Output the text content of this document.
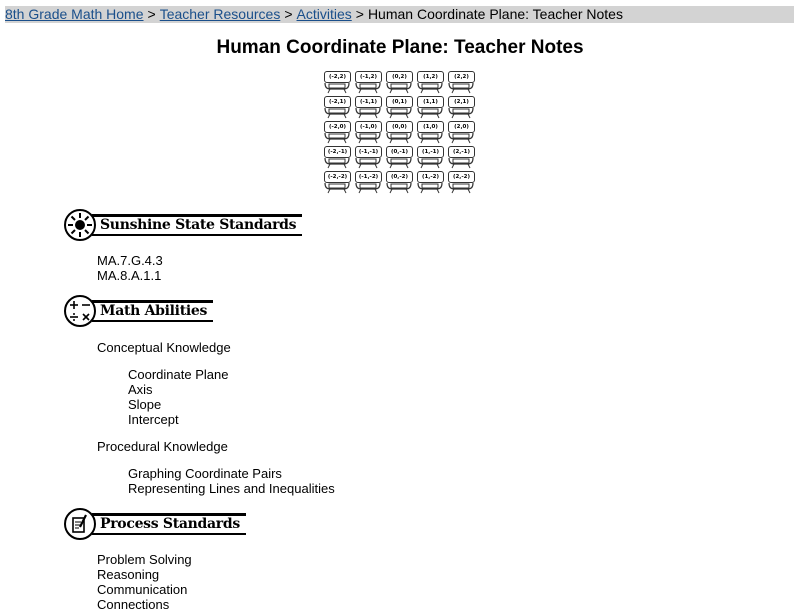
8th Grade Math Home > Teacher Resources > Activities > Human Coordinate Plane: Teacher Notes
Human Coordinate Plane: Teacher Notes
(-2,2)	(-1,2)	(0,2)	(1,2)	(2,2)
(-2,1)	(-1,1)	(0,1)	(1,1)	(2,1)
(-2,0)	(-1,0)	(0,0)	(1,0)	(2,0)
(-2,-1)	(-1,-1)	(0,-1)	(1,-1)	(2,-1)
(-2,-2)	(-1,-2)	(0,-2)	(1,-2)	(2,-2)
Sunshine State Standards
MA.7.G.4.3
MA.8.A.1.1
Math Abilities
Conceptual Knowledge
Coordinate Plane
Axis
Slope
Intercept
Procedural Knowledge
Graphing Coordinate Pairs
Representing Lines and Inequalities
Process Standards
Problem Solving
Reasoning
Communication
Connections
